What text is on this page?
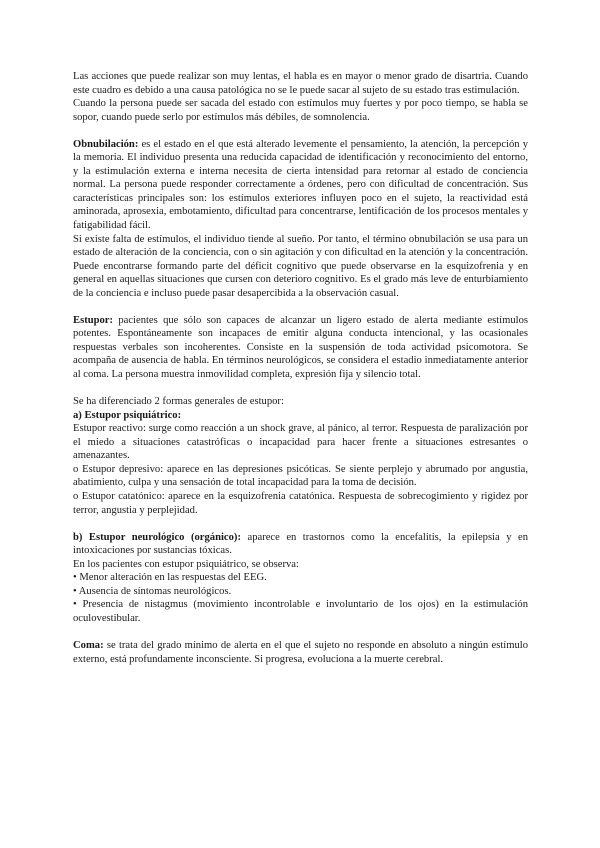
Las acciones que puede realizar son muy lentas, el habla es en mayor o menor grado de disartria. Cuando este cuadro es debido a una causa patológica no se le puede sacar al sujeto de su estado tras estimulación.

Cuando la persona puede ser sacada del estado con estímulos muy fuertes y por poco tiempo, se habla se sopor, cuando puede serlo por estímulos más débiles, de somnolencia.

Obnubilación: es el estado en el que está alterado levemente el pensamiento, la atención, la percepción y la memoria. El individuo presenta una reducida capacidad de identificación y reconocimiento del entorno, y la estimulación externa e interna necesita de cierta intensidad para retornar al estado de conciencia normal. La persona puede responder correctamente a órdenes, pero con dificultad de concentración. Sus características principales son: los estímulos exteriores influyen poco en el sujeto, la reactividad está aminorada, aprosexia, embotamiento, dificultad para concentrarse, lentificación de los procesos mentales y fatigabilidad fácil.

Si existe falta de estímulos, el individuo tiende al sueño. Por tanto, el término obnubilación se usa para un estado de alteración de la conciencia, con o sin agitación y con dificultad en la atención y la concentración. Puede encontrarse formando parte del déficit cognitivo que puede observarse en la esquizofrenia y en general en aquellas situaciones que cursen con deterioro cognitivo. Es el grado más leve de enturbiamiento de la conciencia e incluso puede pasar desapercibida a la observación casual.

Estupor: pacientes que sólo son capaces de alcanzar un ligero estado de alerta mediante estímulos potentes. Espontáneamente son incapaces de emitir alguna conducta intencional, y las ocasionales respuestas verbales son incoherentes. Consiste en la suspensión de toda actividad psicomotora. Se acompaña de ausencia de habla. En términos neurológicos, se considera el estadio inmediatamente anterior al coma. La persona muestra inmovilidad completa, expresión fija y silencio total.

Se ha diferenciado 2 formas generales de estupor:

a) Estupor psiquiátrico:

Estupor reactivo: surge como reacción a un shock grave, al pánico, al terror. Respuesta de paralización por el miedo a situaciones catastróficas o incapacidad para hacer frente a situaciones estresantes o amenazantes.

o Estupor depresivo: aparece en las depresiones psicóticas. Se siente perplejo y abrumado por angustia, abatimiento, culpa y una sensación de total incapacidad para la toma de decisión.

o Estupor catatónico: aparece en la esquizofrenia catatónica. Respuesta de sobrecogimiento y rigidez por terror, angustia y perplejidad.

b) Estupor neurológico (orgánico): aparece en trastornos como la encefalitis, la epilepsia y en intoxicaciones por sustancias tóxicas.

En los pacientes con estupor psiquiátrico, se observa:

• Menor alteración en las respuestas del EEG.

• Ausencia de síntomas neurológicos.

• Presencia de nistagmus (movimiento incontrolable e involuntario de los ojos) en la estimulación oculovestibular.

Coma: se trata del grado mínimo de alerta en el que el sujeto no responde en absoluto a ningún estímulo externo, está profundamente inconsciente. Si progresa, evoluciona a la muerte cerebral.
